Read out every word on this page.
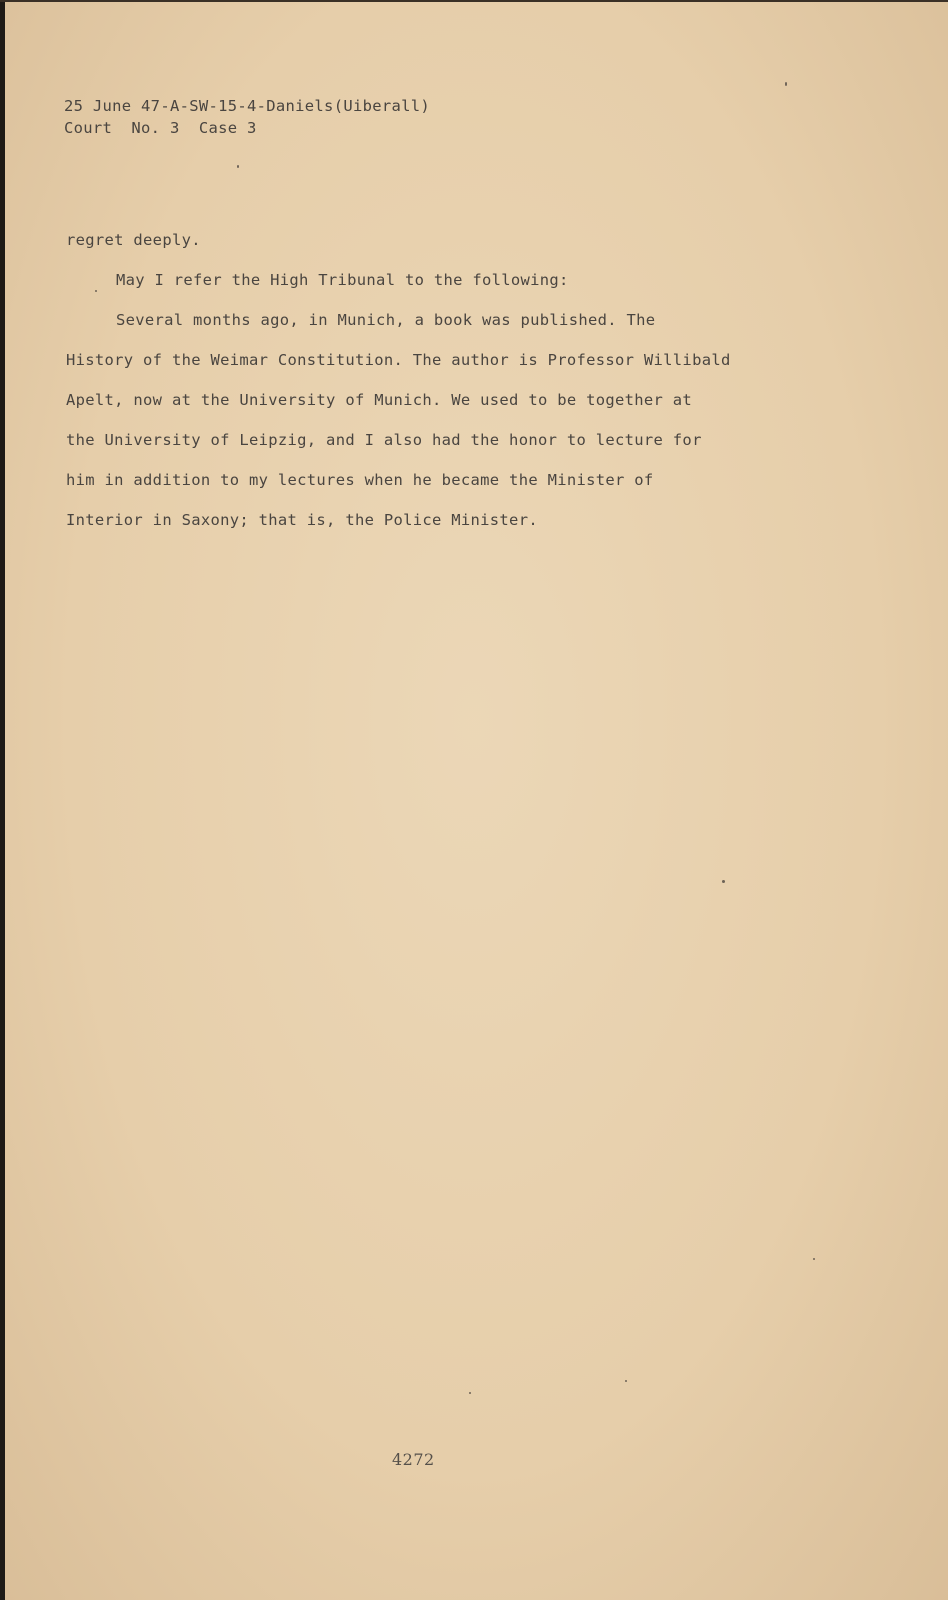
25 June 47-A-SW-15-4-Daniels(Uiberall)
Court  No. 3  Case 3
regret deeply.
May I refer the High Tribunal to the following:
Several months ago, in Munich, a book was published. The
History of the Weimar Constitution. The author is Professor Willibald
Apelt, now at the University of Munich. We used to be together at
the University of Leipzig, and I also had the honor to lecture for
him in addition to my lectures when he became the Minister of
Interior in Saxony; that is, the Police Minister.
4272
